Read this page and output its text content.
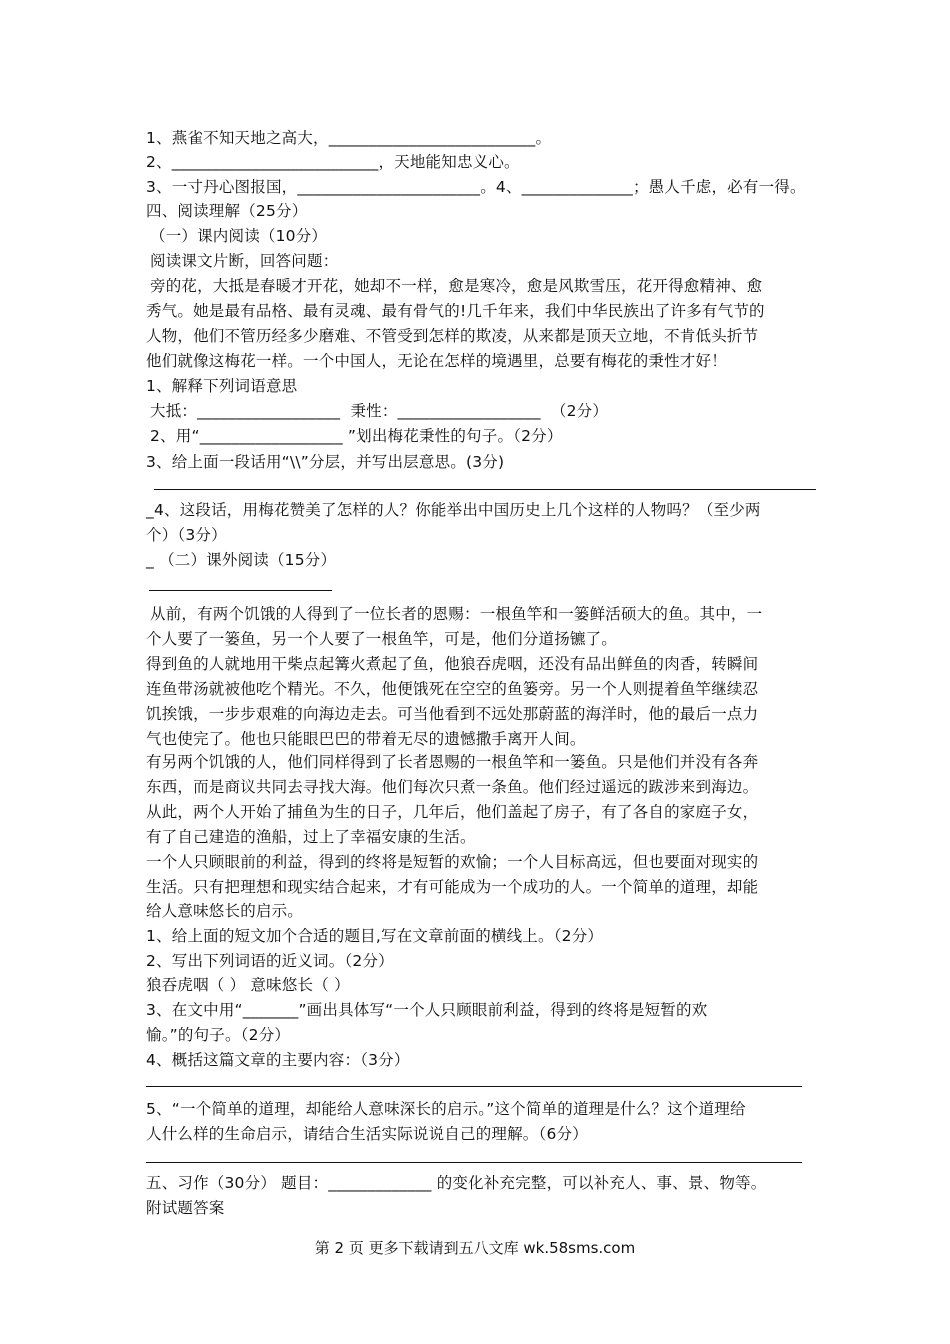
1、燕雀不知天地之高大，__________________________。
2、__________________________，天地能知忠义心。
3、一寸丹心图报国，_______________________。4、______________；愚人千虑，必有一得。
四、阅读理解（25分）
（一）课内阅读（10分）
阅读课文片断，回答问题：
旁的花，大抵是春暖才开花，她却不一样，愈是寒冷，愈是风欺雪压，花开得愈精神、愈
秀气。她是最有品格、最有灵魂、最有骨气的!几千年来，我们中华民族出了许多有气节的
人物，他们不管历经多少磨难、不管受到怎样的欺凌，从来都是顶天立地，不肯低头折节
他们就像这梅花一样。一个中国人，无论在怎样的境遇里，总要有梅花的秉性才好！
1、解释下列词语意思
大抵：__________________  秉性：__________________  （2分）
2、用“__________________ ”划出梅花秉性的句子。（2分）
3、给上面一段话用“\\”分层，并写出层意思。(3分)
_4、这段话，用梅花赞美了怎样的人？你能举出中国历史上几个这样的人物吗？（至少两
个）（3分）
_ （二）课外阅读（15分）
从前，有两个饥饿的人得到了一位长者的恩赐：一根鱼竿和一篓鲜活硕大的鱼。其中，一
个人要了一篓鱼，另一个人要了一根鱼竿，可是，他们分道扬镳了。
得到鱼的人就地用干柴点起篝火煮起了鱼，他狼吞虎咽，还没有品出鲜鱼的肉香，转瞬间
连鱼带汤就被他吃个精光。不久，他便饿死在空空的鱼篓旁。另一个人则提着鱼竿继续忍
饥挨饿，一步步艰难的向海边走去。可当他看到不远处那蔚蓝的海洋时，他的最后一点力
气也使完了。他也只能眼巴巴的带着无尽的遗憾撒手离开人间。
有另两个饥饿的人，他们同样得到了长者恩赐的一根鱼竿和一篓鱼。只是他们并没有各奔
东西，而是商议共同去寻找大海。他们每次只煮一条鱼。他们经过遥远的跋涉来到海边。
从此，两个人开始了捕鱼为生的日子，几年后，他们盖起了房子，有了各自的家庭子女，
有了自己建造的渔船，过上了幸福安康的生活。
一个人只顾眼前的利益，得到的终将是短暂的欢愉；一个人目标高远，但也要面对现实的
生活。只有把理想和现实结合起来，才有可能成为一个成功的人。一个简单的道理，却能
给人意味悠长的启示。
1、给上面的短文加个合适的题目,写在文章前面的横线上。（2分）
2、写出下列词语的近义词。（2分）
狼吞虎咽（ ） 意味悠长（ ）
3、在文中用“_______”画出具体写“一个人只顾眼前利益，得到的终将是短暂的欢
愉。”的句子。（2分）
4、概括这篇文章的主要内容：（3分）
5、“一个简单的道理，却能给人意味深长的启示。”这个简单的道理是什么？这个道理给
人什么样的生命启示，请结合生活实际说说自己的理解。（6分）
五、习作（30分） 题目：_____________ 的变化补充完整，可以补充人、事、景、物等。
附试题答案
第 2 页 更多下载请到五八文库 wk.58sms.com
